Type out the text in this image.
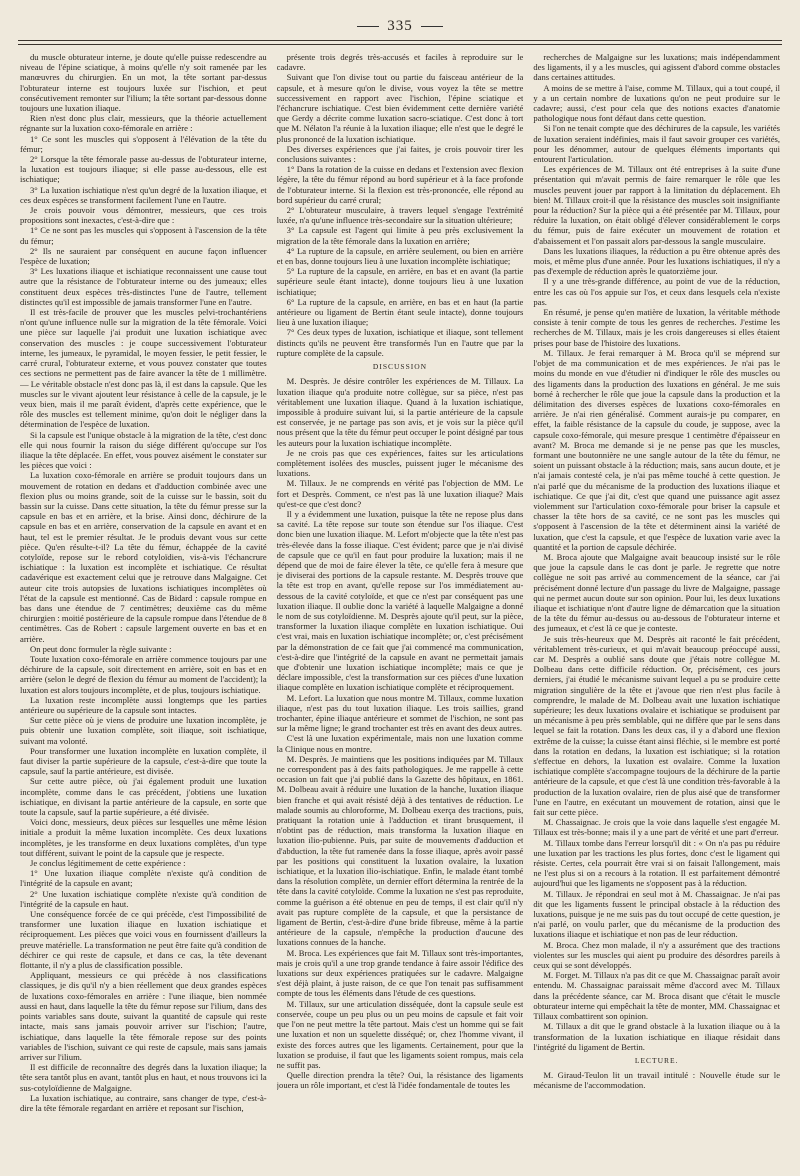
335

du muscle obturateur interne, je doute qu'elle puisse redescendre au niveau de l'épine sciatique, à moins qu'elle n'y soit ramenée par les manœuvres du chirurgien. En un mot, la tête sortant par-dessus l'obturateur interne est toujours luxée sur l'ischion, et peut consécutivement remonter sur l'ilium; la tête sortant par-dessous donne toujours une luxation iliaque.

Rien n'est donc plus clair, messieurs, que la théorie actuellement régnante sur la luxation coxo-fémorale en arrière :

1° Ce sont les muscles qui s'opposent à l'élévation de la tête du fémur;

2° Lorsque la tête fémorale passe au-dessus de l'obturateur interne, la luxation est toujours iliaque; si elle passe au-dessous, elle est ischiatique;

3° La luxation ischiatique n'est qu'un degré de la luxation iliaque, et ces deux espèces se transforment facilement l'une en l'autre.

Je crois pouvoir vous démontrer, messieurs, que ces trois propositions sont inexactes, c'est-à-dire que :

1° Ce ne sont pas les muscles qui s'opposent à l'ascension de la tête du fémur;

2° Ils ne sauraient par conséquent en aucune façon influencer l'espèce de luxation;

3° Les luxations iliaque et ischiatique reconnaissent une cause tout autre que la résistance de l'obturateur interne ou des jumeaux; elles constituent deux espèces très-distinctes l'une de l'autre, tellement distinctes qu'il est impossible de jamais transformer l'une en l'autre.

Il est très-facile de prouver que les muscles pelvi-trochantériens n'ont qu'une influence nulle sur la migration de la tête fémorale. Voici une pièce sur laquelle j'ai produit une luxation ischiatique avec conservation des muscles : je coupe successivement l'obturateur interne, les jumeaux, le pyramidal, le moyen fessier, le petit fessier, le carré crural, l'obturateur externe, et vous pouvez constater que toutes ces sections ne permettent pas de faire avancer la tête de 1 millimètre. — Le véritable obstacle n'est donc pas là, il est dans la capsule. Que les muscles sur le vivant ajoutent leur résistance à celle de la capsule, je le veux bien, mais il me paraît évident, d'après cette expérience, que le rôle des muscles est tellement minime, qu'on doit le négliger dans la détermination de l'espèce de luxation.

Si la capsule est l'unique obstacle à la migration de la tête, c'est donc elle qui nous fournir la raison du siége différent qu'occupe sur l'os iliaque la tête déplacée. En effet, vous pouvez aisément le constater sur les pièces que voici :

La luxation coxo-fémorale en arrière se produit toujours dans un mouvement de rotation en dedans et d'adduction combinée avec une flexion plus ou moins grande, soit de la cuisse sur le bassin, soit du bassin sur la cuisse. Dans cette situation, la tête du fémur presse sur la capsule en bas et en arrière, et la brise. Ainsi donc, déchirure de la capsule en bas et en arrière, conservation de la capsule en avant et en haut, tel est le premier résultat. Je le produis devant vous sur cette pièce. Qu'en résulte-t-il? La tête du fémur, échappée de la cavité cotyloïde, repose sur le rebord cotyloïdien, vis-à-vis l'échancrure ischiatique : la luxation est incomplète et ischiatique. Ce résultat cadavérique est exactement celui que je retrouve dans Malgaigne. Cet auteur cite trois autopsies de luxations ischiatiques incomplètes où l'état de la capsule est mentionné. Cas de Bidard : capsule rompue en bas dans une étendue de 7 centimètres; deuxième cas du même chirurgien : moitié postérieure de la capsule rompue dans l'étendue de 8 centimètres. Cas de Robert : capsule largement ouverte en bas et en arrière.

On peut donc formuler la règle suivante :

Toute luxation coxo-fémorale en arrière commence toujours par une déchirure de la capsule, soit directement en arrière, soit en bas et en arrière (selon le degré de flexion du fémur au moment de l'accident); la luxation est alors toujours incomplète, et de plus, toujours ischiatique.

La luxation reste incomplète aussi longtemps que les parties antérieure ou supérieure de la capsule sont intactes.

Sur cette pièce où je viens de produire une luxation incomplète, je puis obtenir une luxation complète, soit iliaque, soit ischiatique, suivant ma volonté.

Pour transformer une luxation incomplète en luxation complète, il faut diviser la partie supérieure de la capsule, c'est-à-dire que toute la capsule, sauf la partie antérieure, est divisée.

Sur cette autre pièce, où j'ai également produit une luxation incomplète, comme dans le cas précédent, j'obtiens une luxation ischiatique, en divisant la partie antérieure de la capsule, en sorte que toute la capsule, sauf la partie supérieure, a été divisée.

Voici donc, messieurs, deux pièces sur lesquelles une même lésion initiale a produit la même luxation incomplète. Ces deux luxations incomplètes, je les transforme en deux luxations complètes, d'un type tout différent, suivant le point de la capsule que je respecte.

Je conclus légitimement de cette expérience :

1° Une luxation iliaque complète n'existe qu'à condition de l'intégrité de la capsule en avant;

2° Une luxation ischiatique complète n'existe qu'à condition de l'intégrité de la capsule en haut.

Une conséquence forcée de ce qui précède, c'est l'impossibilité de transformer une luxation iliaque en luxation ischiatique et réciproquement. Les pièces que voici vous en fournissent d'ailleurs la preuve matérielle. La transformation ne peut être faite qu'à condition de déchirer ce qui reste de capsule, et dans ce cas, la tête devenant flottante, il n'y a plus de classification possible.

Appliquant, messieurs ce qui précède à nos classifications classiques, je dis qu'il n'y a bien réellement que deux grandes espèces de luxations coxo-fémorales en arrière : l'une iliaque, bien nommée aussi en haut, dans laquelle la tête du fémur repose sur l'ilium, dans des points variables sans doute, suivant la quantité de capsule qui reste intacte, mais sans jamais pouvoir arriver sur l'ischion; l'autre, ischiatique, dans laquelle la tête fémorale repose sur des points variables de l'ischion, suivant ce qui reste de capsule, mais sans jamais arriver sur l'ilium.

Il est difficile de reconnaître des degrés dans la luxation iliaque; la tête sera tantôt plus en avant, tantôt plus en haut, et nous trouvons ici la sus-cotyloïdienne de Malgaigne.

La luxation ischiatique, au contraire, sans changer de type, c'est-à-dire la tête fémorale regardant en arrière et reposant sur l'ischion,

présente trois degrés très-accusés et faciles à reproduire sur le cadavre.

Suivant que l'on divise tout ou partie du faisceau antérieur de la capsule, et à mesure qu'on le divise, vous voyez la tête se mettre successivement en rapport avec l'ischion, l'épine sciatique et l'échancrure ischiatique. C'est bien évidemment cette dernière variété que Gerdy a décrite comme luxation sacro-sciatique. C'est donc à tort que M. Nélaton l'a réunie à la luxation iliaque; elle n'est que le degré le plus prononcé de la luxation ischiatique.

Des diverses expériences que j'ai faites, je crois pouvoir tirer les conclusions suivantes :

1° Dans la rotation de la cuisse en dedans et l'extension avec flexion légère, la tête du fémur répond au bord supérieur et à la face profonde de l'obturateur interne. Si la flexion est très-prononcée, elle répond au bord supérieur du carré crural;

2° L'obturateur musculaire, à travers lequel s'engage l'extrémité luxée, n'a qu'une influence très-secondaire sur la situation ultérieure;

3° La capsule est l'agent qui limite à peu près exclusivement la migration de la tête fémorale dans la luxation en arrière;

4° La rupture de la capsule, en arrière seulement, ou bien en arrière et en bas, donne toujours lieu à une luxation incomplète ischiatique;

5° La rupture de la capsule, en arrière, en bas et en avant (la partie supérieure seule étant intacte), donne toujours lieu à une luxation ischiatique;

6° La rupture de la capsule, en arrière, en bas et en haut (la partie antérieure ou ligament de Bertin étant seule intacte), donne toujours lieu à une luxation iliaque;

7° Ces deux types de luxation, ischiatique et iliaque, sont tellement distincts qu'ils ne peuvent être transformés l'un en l'autre que par la rupture complète de la capsule.

DISCUSSION

M. Desprès. Je désire contrôler les expériences de M. Tillaux. La luxation iliaque qu'a produite notre collègue, sur sa pièce, n'est pas véritablement une luxation iliaque. Quand à la luxation ischiatique, impossible à produire suivant lui, si la partie antérieure de la capsule est conservée, je ne partage pas son avis, et je vois sur la pièce qu'il nous présent que la tête du fémur peut occuper le point désigné par tous les auteurs pour la luxation ischiatique incomplète.

Je ne crois pas que ces expériences, faites sur les articulations complètement isolées des muscles, puissent juger le mécanisme des luxations.

M. Tillaux. Je ne comprends en vérité pas l'objection de MM. Le fort et Desprès. Comment, ce n'est pas là une luxation iliaque? Mais qu'est-ce que c'est donc?

Il y a évidemment une luxation, puisque la tête ne repose plus dans sa cavité. La tête repose sur toute son étendue sur l'os iliaque. C'est donc bien une luxation iliaque. M. Lefort m'objecte que la tête n'est pas très-élevée dans la fosse iliaque. C'est évident; parce que je n'ai divisé de capsule que ce qu'il en faut pour produire la luxation; mais il ne dépend que de moi de faire élever la tête, ce qu'elle fera à mesure que je diviserai des portions de la capsule restante. M. Desprès trouve que la tête est trop en avant, qu'elle repose sur l'os immédiatement au-dessous de la cavité cotyloïde, et que ce n'est par conséquent pas une luxation iliaque. Il oublie donc la variété à laquelle Malgaigne a donné le nom de sus cotyloïdienne. M. Desprès ajoute qu'il peut, sur la pièce, transformer la luxation iliaque complète en luxation ischiatique. Oui c'est vrai, mais en luxation ischiatique incomplète; or, c'est précisément par la démonstration de ce fait que j'ai commencé ma communication, c'est-à-dire que l'intégrité de la capsule en avant ne permettait jamais que d'obtenir une luxation ischiatique incomplète; mais ce que je déclare impossible, c'est la transformation sur ces pièces d'une luxation iliaque complète en luxation ischiatique complète et réciproquement.

M. Lefort. La luxation que nous montre M. Tillaux, comme luxation iliaque, n'est pas du tout luxation iliaque. Les trois saillies, grand trochanter, épine iliaque antérieure et sommet de l'ischion, ne sont pas sur la même ligne; le grand trochanter est très en avant des deux autres.

C'est là une luxation expérimentale, mais non une luxation comme la Clinique nous en montre.

M. Desprès. Je maintiens que les positions indiquées par M. Tillaux ne correspondent pas à des faits pathologiques. Je me rappelle à cette occasion un fait que j'ai publié dans la Gazette des hôpitaux, en 1861. M. Dolbeau avait à réduire une luxation de la hanche, luxation iliaque bien franche et qui avait résisté déjà à des tentatives de réduction. Le malade soumis au chloroforme, M. Dolbeau exerça des tractions, puis, pratiquant la rotation unie à l'adduction et tirant brusquement, il n'obtint pas de réduction, mais transforma la luxation iliaque en luxation ilio-pubienne. Puis, par suite de mouvements d'adduction et d'abduction, la tête fut ramenée dans la fosse iliaque, après avoir passé par les positions qui constituent la luxation ovalaire, la luxation ischiatique, et la luxation ilio-ischiatique. Enfin, le malade étant tombé dans la résolution complète, un dernier effort détermina la rentrée de la tête dans la cavité cotyloïde. Comme la luxation ne s'est pas reproduite, comme la guérison a été obtenue en peu de temps, il est clair qu'il n'y avait pas rupture complète de la capsule, et que la persistance de ligament de Bertin, c'est-à-dire d'une bride fibreuse, même à la partie antérieure de la capsule, n'empêche la production d'aucune des luxations connues de la hanche.

M. Broca. Les expériences que fait M. Tillaux sont très-importantes, mais je crois qu'il a une trop grande tendance à faire assoir l'édifice des luxations sur deux expériences pratiquées sur le cadavre. Malgaigne s'est déjà plaint, à juste raison, de ce que l'on tenait pas suffisamment compte de tous les éléments dans l'étude de ces questions.

M. Tillaux, sur une articulation disséquée, dont la capsule seule est conservée, coupe un peu plus ou un peu moins de capsule et fait voir que l'on ne peut mettre la tête partout. Mais c'est un homme qui se fait une luxation et non un squelette disséqué; or, chez l'homme vivant, il existe des forces autres que les ligaments. Certainement, pour que la luxation se produise, il faut que les ligaments soient rompus, mais cela ne suffit pas.

Quelle direction prendra la tête? Oui, la résistance des ligaments jouera un rôle important, et c'est là l'idée fondamentale de toutes les

recherches de Malgaigne sur les luxations; mais indépendamment des ligaments, il y a les muscles, qui agissent d'abord comme obstacles dans certaines attitudes.

A moins de se mettre à l'aise, comme M. Tillaux, qui a tout coupé, il y a un certain nombre de luxations qu'on ne peut produire sur le cadavre; aussi, c'est pour cela que des notions exactes d'anatomie pathologique nous font défaut dans cette question.

Si l'on ne tenait compte que des déchirures de la capsule, les variétés de luxation seraient indéfinies, mais il faut savoir grouper ces variétés, pour les dénommer, autour de quelques éléments importants qui entourent l'articulation.

Les expériences de M. Tillaux ont été entreprises à la suite d'une présentation qui m'avait permis de faire remarquer le rôle que les muscles peuvent jouer par rapport à la limitation du déplacement. Eh bien! M. Tillaux croit-il que la résistance des muscles soit insignifiante pour la réduction? Sur la pièce qui a été présentée par M. Tillaux, pour réduire la luxation, on était obligé d'élever considérablement le corps du fémur, puis de faire exécuter un mouvement de rotation et d'abaissement et l'on passait alors par-dessous la sangle musculaire.

Dans les luxations iliaques, la réduction a pu être obtenue après des mois, et même plus d'une année. Pour les luxations ischiatiques, il n'y a pas d'exemple de réduction après le quatorzième jour.

Il y a une très-grande différence, au point de vue de la réduction, entre les cas où l'os appuie sur l'os, et ceux dans lesquels cela n'existe pas.

En résumé, je pense qu'en matière de luxation, la véritable méthode consiste à tenir compte de tous les genres de recherches. J'estime les recherches de M. Tillaux, mais je les crois dangereuses si elles étaient prises pour base de l'histoire des luxations.

M. Tillaux. Je ferai remarquer à M. Broca qu'il se méprend sur l'objet de ma communication et de mes expériences. Je n'ai pas le moins du monde en vue d'étudier ni d'indiquer le rôle des muscles ou des ligaments dans la production des luxations en général. Je me suis borné à rechercher le rôle que joue la capsule dans la production et la délimitation des diverses espèces de luxations coxo-fémorales en arrière. Je n'ai rien généralisé. Comment aurais-je pu comparer, en effet, la faible résistance de la capsule du coude, je suppose, avec la capsule coxo-fémorale, qui mesure presque 1 centimètre d'épaisseur en avant? M. Broca me demande si je ne pense pas que les muscles, formant une boutonnière ne une sangle autour de la tête du fémur, ne soient un puissant obstacle à la réduction; mais, sans aucun doute, et je n'ai jamais contesté cela, je n'ai pas même touché à cette question. Je n'ai parlé que du mécanisme de la production des luxations iliaque et ischiatique. Ce que j'ai dit, c'est que quand une puissance agit assez violemment sur l'articulation coxo-fémorale pour briser la capsule et chasser la tête hors de sa cavité, ce ne sont pas les muscles qui s'opposent à l'ascension de la tête et déterminent ainsi la variété de luxation, que c'est la capsule, et que l'espèce de luxation varie avec la quantité et la portion de capsule déchirée.

M. Broca ajoute que Malgaigne avait beaucoup insisté sur le rôle que joue la capsule dans le cas dont je parle. Je regrette que notre collègue ne soit pas arrivé au commencement de la séance, car j'ai précisément donné lecture d'un passage du livre de Malgaigne, passage qui ne permet aucun doute sur son opinion. Pour lui, les deux luxations iliaque et ischiatique n'ont d'autre ligne de démarcation que la situation de la tête du fémur au-dessus ou au-dessous de l'obturateur interne et des jumeaux, et c'est là ce que je conteste.

Je suis très-heureux que M. Desprès ait raconté le fait précédent, véritablement très-curieux, et qui m'avait beaucoup préoccupé aussi, car M. Desprès a oublié sans doute que j'étais notre collègue M. Dolbeau dans cette difficile réduction. Or, précisément, ces jours derniers, j'ai étudié le mécanisme suivant lequel a pu se produire cette migration singulière de la tête et j'avoue que rien n'est plus facile à comprendre, le malade de M. Dolbeau avait une luxation ischiatique supérieure; les deux luxations ovalaire et ischiatique se produisent par un mécanisme à peu près semblable, qui ne diffère que par le sens dans lequel se fait la rotation. Dans les deux cas, il y a d'abord une flexion extrême de la cuisse; la cuisse étant ainsi fléchie, si le membre est porté dans la rotation en dedans, la luxation est ischiatique; si la rotation s'effectue en dehors, la luxation est ovalaire. Comme la luxation ischiatique complète s'accompagne toujours de la déchirure de la partie antérieure de la capsule, et que c'est là une condition très-favorable à la production de la luxation ovalaire, rien de plus aisé que de transformer l'une en l'autre, en exécutant un mouvement de rotation, ainsi que le fait sur cette pièce.

M. Chassaignac. Je crois que la voie dans laquelle s'est engagée M. Tillaux est très-bonne; mais il y a une part de vérité et une part d'erreur.

M. Tillaux tombe dans l'erreur lorsqu'il dit : « On n'a pas pu réduire une luxation par les tractions les plus fortes, donc c'est le ligament qui résiste. Certes, cela pourrait être vrai si on faisait l'allongement, mais ne l'est plus si on a recours à la rotation. Il est parfaitement démontré aujourd'hui que les ligaments ne s'opposent pas à la réduction.

M. Tillaux. Je répondrai en seul mot à M. Chassaignac. Je n'ai pas dit que les ligaments fussent le principal obstacle à la réduction des luxations, puisque je ne me suis pas du tout occupé de cette question, je n'ai parlé, on voulu parler, que du mécanisme de la production des luxations iliaque et ischiatique et non pas de leur réduction.

M. Broca. Chez mon malade, il n'y a assurément que des tractions violentes sur les muscles qui aient pu produire des désordres pareils à ceux qui se sont développés.

M. Forget. M. Tillaux n'a pas dit ce que M. Chassaignac paraît avoir entendu. M. Chassaignac paraissait même d'accord avec M. Tillaux dans la précédente séance, car M. Broca disant que c'était le muscle obturateur interne qui empêchait la tête de monter, MM. Chassaignac et Tillaux combattirent son opinion.

M. Tillaux a dit que le grand obstacle à la luxation iliaque ou à la transformation de la luxation ischiatique en iliaque résidait dans l'intégrité du ligament de Bertin.

LECTURE.

M. Giraud-Teulon lit un travail intitulé : Nouvelle étude sur le mécanisme de l'accommodation.
